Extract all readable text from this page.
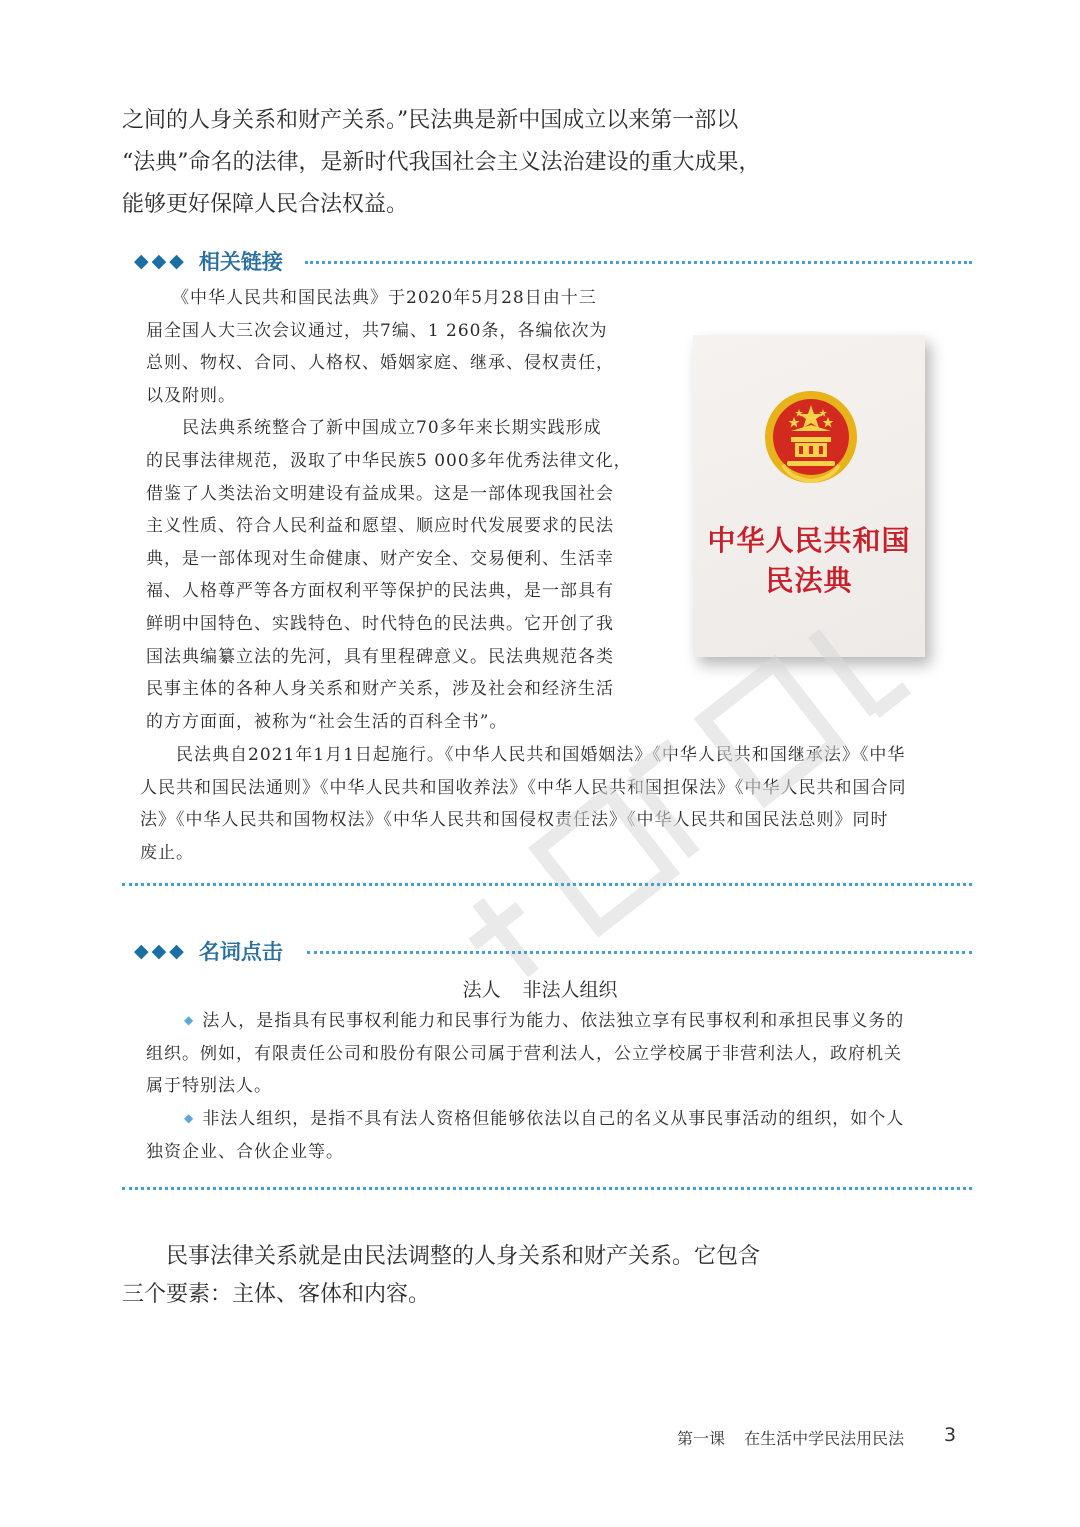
之间的人身关系和财产关系。”民法典是新中国成立以来第一部以
“法典”命名的法律，是新时代我国社会主义法治建设的重大成果，
能够更好保障人民合法权益。
◆◆◆ 相关链接
《中华人民共和国民法典》于2020年5月28日由十三
届全国人大三次会议通过，共7编、1 260条，各编依次为
总则、物权、合同、人格权、婚姻家庭、继承、侵权责任，
以及附则。
民法典系统整合了新中国成立70多年来长期实践形成
的民事法律规范，汲取了中华民族5 000多年优秀法律文化，
借鉴了人类法治文明建设有益成果。这是一部体现我国社会
主义性质、符合人民利益和愿望、顺应时代发展要求的民法
典，是一部体现对生命健康、财产安全、交易便利、生活幸
福、人格尊严等各方面权利平等保护的民法典，是一部具有
鲜明中国特色、实践特色、时代特色的民法典。它开创了我
国法典编纂立法的先河，具有里程碑意义。民法典规范各类
民事主体的各种人身关系和财产关系，涉及社会和经济生活
的方方面面，被称为“社会生活的百科全书”。
民法典自2021年1月1日起施行。《中华人民共和国婚姻法》《中华人民共和国继承法》《中华
人民共和国民法通则》《中华人民共和国收养法》《中华人民共和国担保法》《中华人民共和国合同
法》《中华人民共和国物权法》《中华人民共和国侵权责任法》《中华人民共和国民法总则》同时
废止。
中华人民共和国
民法典
◆◆◆ 名词点击
法人 非法人组织
◆ 法人，是指具有民事权利能力和民事行为能力、依法独立享有民事权利和承担民事义务的
组织。例如，有限责任公司和股份有限公司属于营利法人，公立学校属于非营利法人，政府机关
属于特别法人。
◆ 非法人组织，是指不具有法人资格但能够依法以自己的名义从事民事活动的组织，如个人
独资企业、合伙企业等。
民事法律关系就是由民法调整的人身关系和财产关系。它包含
三个要素：主体、客体和内容。
第一课 在生活中学民法用民法 3
